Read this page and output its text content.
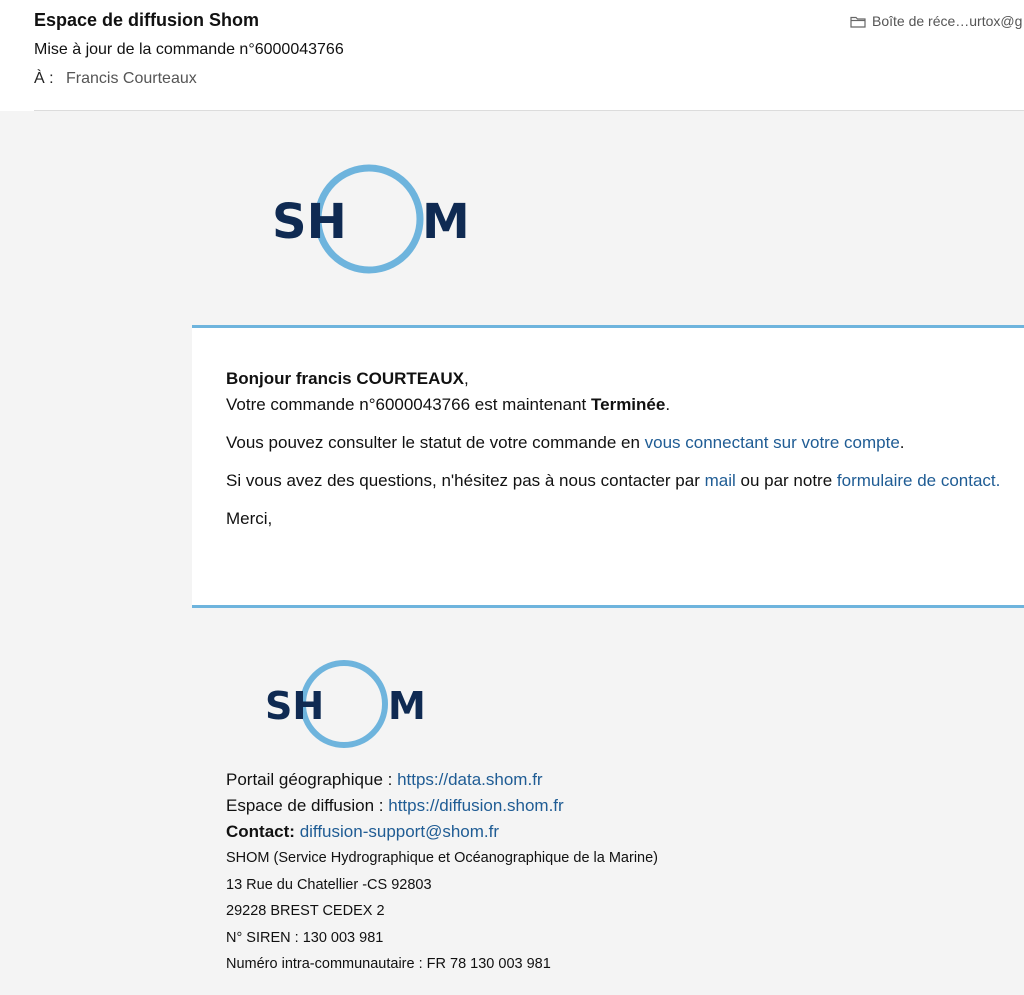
Espace de diffusion Shom
Mise à jour de la commande n°6000043766
À : Francis Courteaux
Boîte de réce…urtox@g
SH M

Bonjour francis COURTEAUX,

Votre commande n°6000043766 est maintenant Terminée.

Vous pouvez consulter le statut de votre commande en vous connectant sur votre compte.

Si vous avez des questions, n'hésitez pas à nous contacter par mail ou par notre formulaire de contact.

Merci,

SH M
Portail géographique : https://data.shom.fr
Espace de diffusion : https://diffusion.shom.fr
Contact: diffusion-support@shom.fr
SHOM (Service Hydrographique et Océanographique de la Marine)
13 Rue du Chatellier -CS 92803
29228 BREST CEDEX 2
N° SIREN : 130 003 981
Numéro intra-communautaire : FR 78 130 003 981
